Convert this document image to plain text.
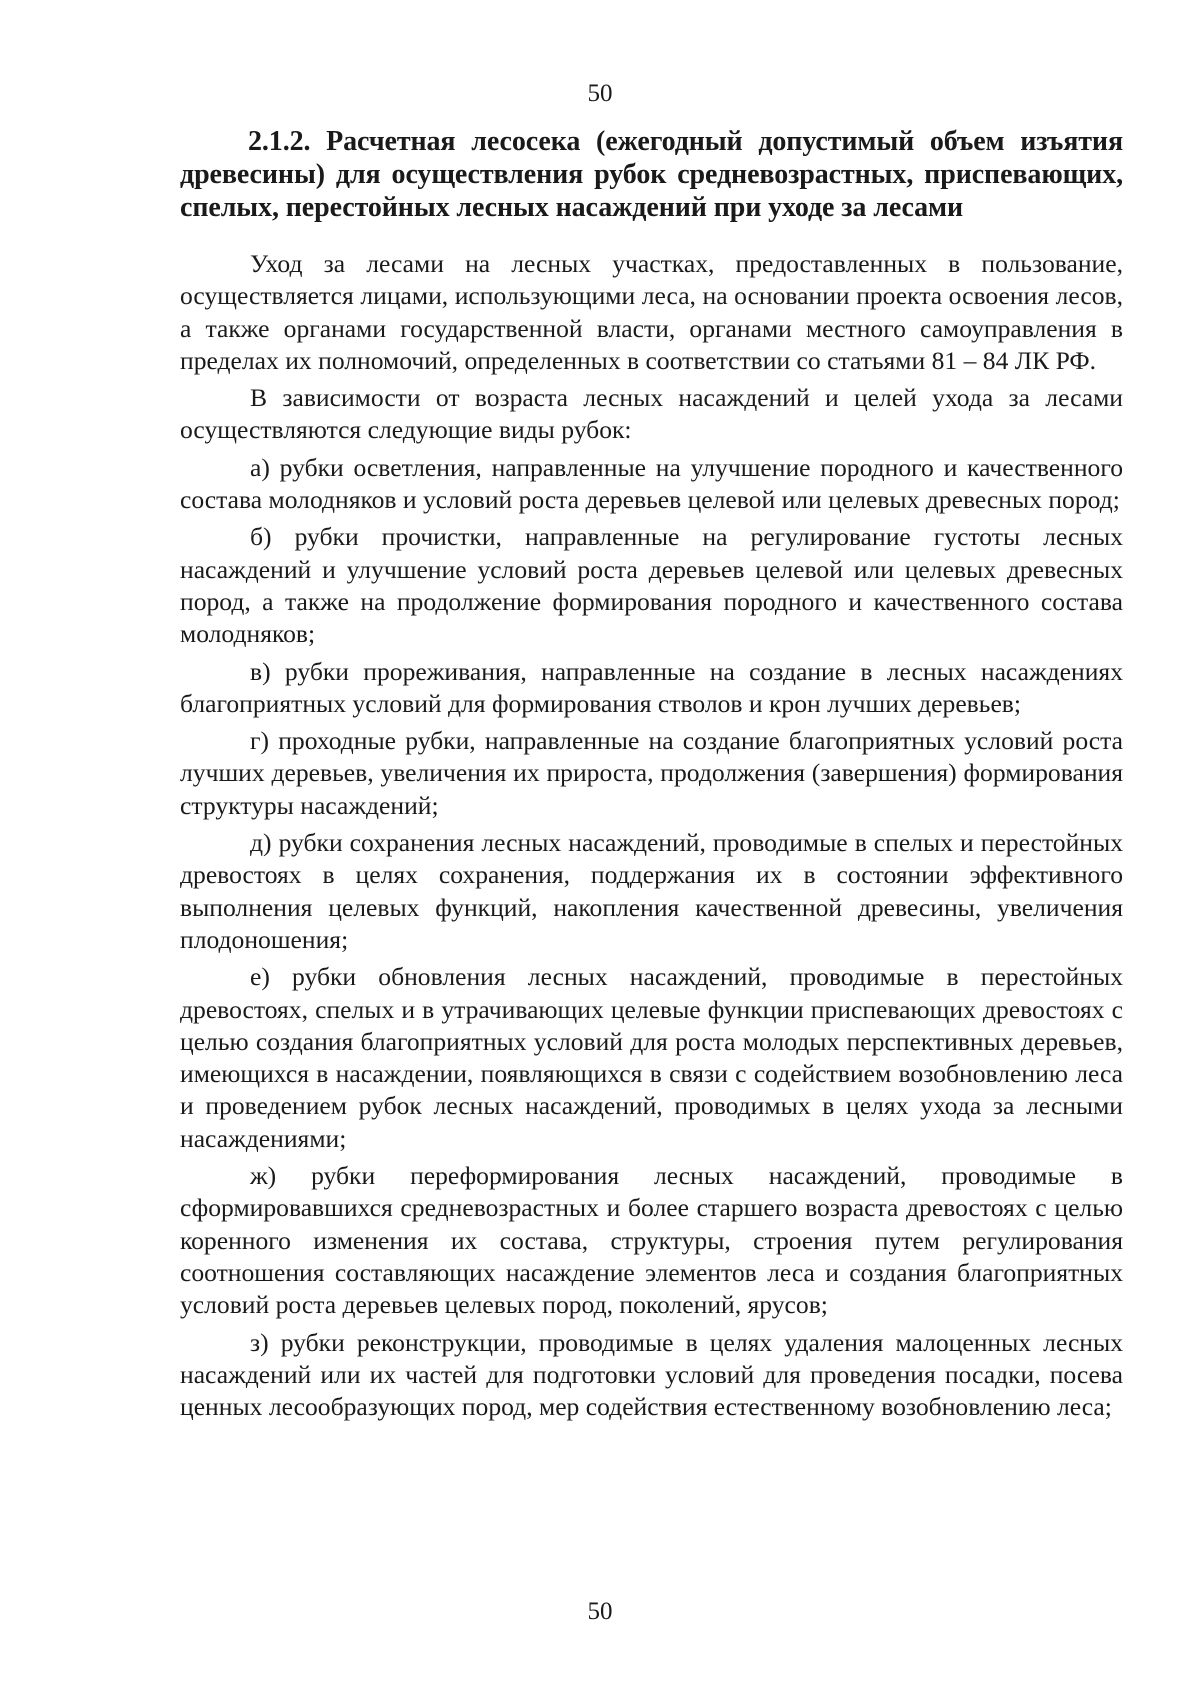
50
2.1.2. Расчетная лесосека (ежегодный допустимый объем изъятия древесины) для осуществления рубок средневозрастных, приспевающих, спелых, перестойных лесных насаждений при уходе за лесами

Уход за лесами на лесных участках, предоставленных в пользование, осуществляется лицами, использующими леса, на основании проекта освоения лесов, а также органами государственной власти, органами местного самоуправления в пределах их полномочий, определенных в соответствии со статьями 81 – 84 ЛК РФ.

В зависимости от возраста лесных насаждений и целей ухода за лесами осуществляются следующие виды рубок:

а) рубки осветления, направленные на улучшение породного и качественного состава молодняков и условий роста деревьев целевой или целевых древесных пород;

б) рубки прочистки, направленные на регулирование густоты лесных насаждений и улучшение условий роста деревьев целевой или целевых древесных пород, а также на продолжение формирования породного и качественного состава молодняков;

в) рубки прореживания, направленные на создание в лесных насаждениях благоприятных условий для формирования стволов и крон лучших деревьев;

г) проходные рубки, направленные на создание благоприятных условий роста лучших деревьев, увеличения их прироста, продолжения (завершения) формирования структуры насаждений;

д) рубки сохранения лесных насаждений, проводимые в спелых и перестойных древостоях в целях сохранения, поддержания их в состоянии эффективного выполнения целевых функций, накопления качественной древесины, увеличения плодоношения;

е) рубки обновления лесных насаждений, проводимые в перестойных древостоях, спелых и в утрачивающих целевые функции приспевающих древостоях с целью создания благоприятных условий для роста молодых перспективных деревьев, имеющихся в насаждении, появляющихся в связи с содействием возобновлению леса и проведением рубок лесных насаждений, проводимых в целях ухода за лесными насаждениями;

ж) рубки переформирования лесных насаждений, проводимые в сформировавшихся средневозрастных и более старшего возраста древостоях с целью коренного изменения их состава, структуры, строения путем регулирования соотношения составляющих насаждение элементов леса и создания благоприятных условий роста деревьев целевых пород, поколений, ярусов;

з) рубки реконструкции, проводимые в целях удаления малоценных лесных насаждений или их частей для подготовки условий для проведения посадки, посева ценных лесообразующих пород, мер содействия естественному возобновлению леса;

50
